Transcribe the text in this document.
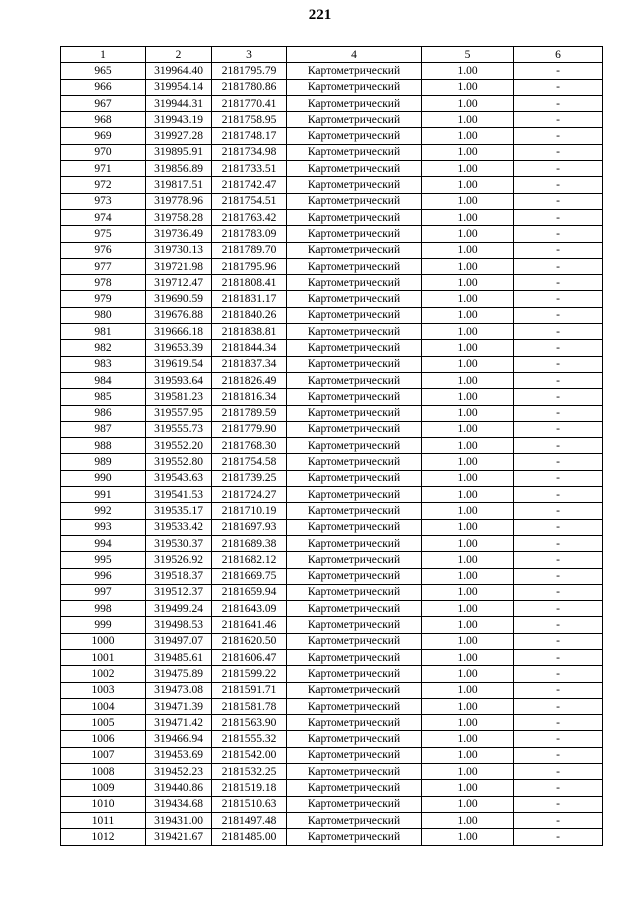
221
1	2	3	4	5	6
965	319964.40	2181795.79	Картометрический	1.00	-
966	319954.14	2181780.86	Картометрический	1.00	-
967	319944.31	2181770.41	Картометрический	1.00	-
968	319943.19	2181758.95	Картометрический	1.00	-
969	319927.28	2181748.17	Картометрический	1.00	-
970	319895.91	2181734.98	Картометрический	1.00	-
971	319856.89	2181733.51	Картометрический	1.00	-
972	319817.51	2181742.47	Картометрический	1.00	-
973	319778.96	2181754.51	Картометрический	1.00	-
974	319758.28	2181763.42	Картометрический	1.00	-
975	319736.49	2181783.09	Картометрический	1.00	-
976	319730.13	2181789.70	Картометрический	1.00	-
977	319721.98	2181795.96	Картометрический	1.00	-
978	319712.47	2181808.41	Картометрический	1.00	-
979	319690.59	2181831.17	Картометрический	1.00	-
980	319676.88	2181840.26	Картометрический	1.00	-
981	319666.18	2181838.81	Картометрический	1.00	-
982	319653.39	2181844.34	Картометрический	1.00	-
983	319619.54	2181837.34	Картометрический	1.00	-
984	319593.64	2181826.49	Картометрический	1.00	-
985	319581.23	2181816.34	Картометрический	1.00	-
986	319557.95	2181789.59	Картометрический	1.00	-
987	319555.73	2181779.90	Картометрический	1.00	-
988	319552.20	2181768.30	Картометрический	1.00	-
989	319552.80	2181754.58	Картометрический	1.00	-
990	319543.63	2181739.25	Картометрический	1.00	-
991	319541.53	2181724.27	Картометрический	1.00	-
992	319535.17	2181710.19	Картометрический	1.00	-
993	319533.42	2181697.93	Картометрический	1.00	-
994	319530.37	2181689.38	Картометрический	1.00	-
995	319526.92	2181682.12	Картометрический	1.00	-
996	319518.37	2181669.75	Картометрический	1.00	-
997	319512.37	2181659.94	Картометрический	1.00	-
998	319499.24	2181643.09	Картометрический	1.00	-
999	319498.53	2181641.46	Картометрический	1.00	-
1000	319497.07	2181620.50	Картометрический	1.00	-
1001	319485.61	2181606.47	Картометрический	1.00	-
1002	319475.89	2181599.22	Картометрический	1.00	-
1003	319473.08	2181591.71	Картометрический	1.00	-
1004	319471.39	2181581.78	Картометрический	1.00	-
1005	319471.42	2181563.90	Картометрический	1.00	-
1006	319466.94	2181555.32	Картометрический	1.00	-
1007	319453.69	2181542.00	Картометрический	1.00	-
1008	319452.23	2181532.25	Картометрический	1.00	-
1009	319440.86	2181519.18	Картометрический	1.00	-
1010	319434.68	2181510.63	Картометрический	1.00	-
1011	319431.00	2181497.48	Картометрический	1.00	-
1012	319421.67	2181485.00	Картометрический	1.00	-
